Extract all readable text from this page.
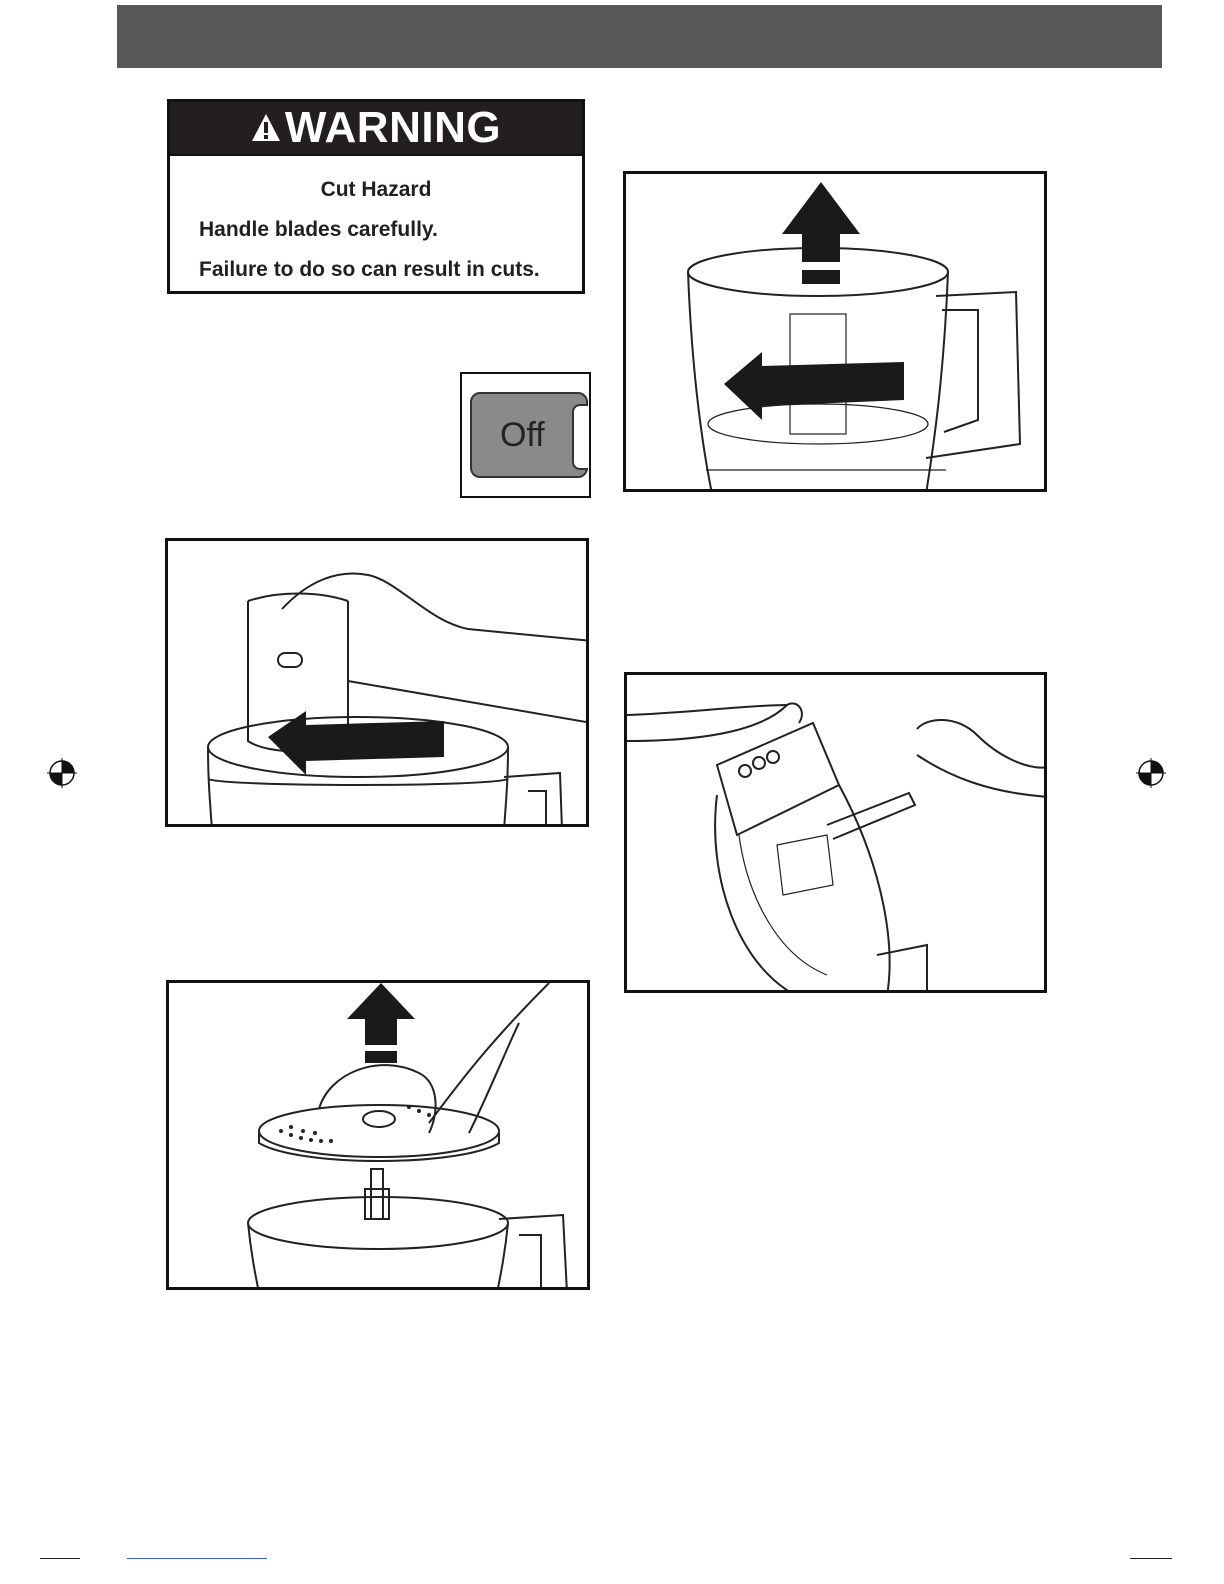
WARNING
Cut Hazard
Handle blades carefully.
Failure to do so can result in cuts.
Off
